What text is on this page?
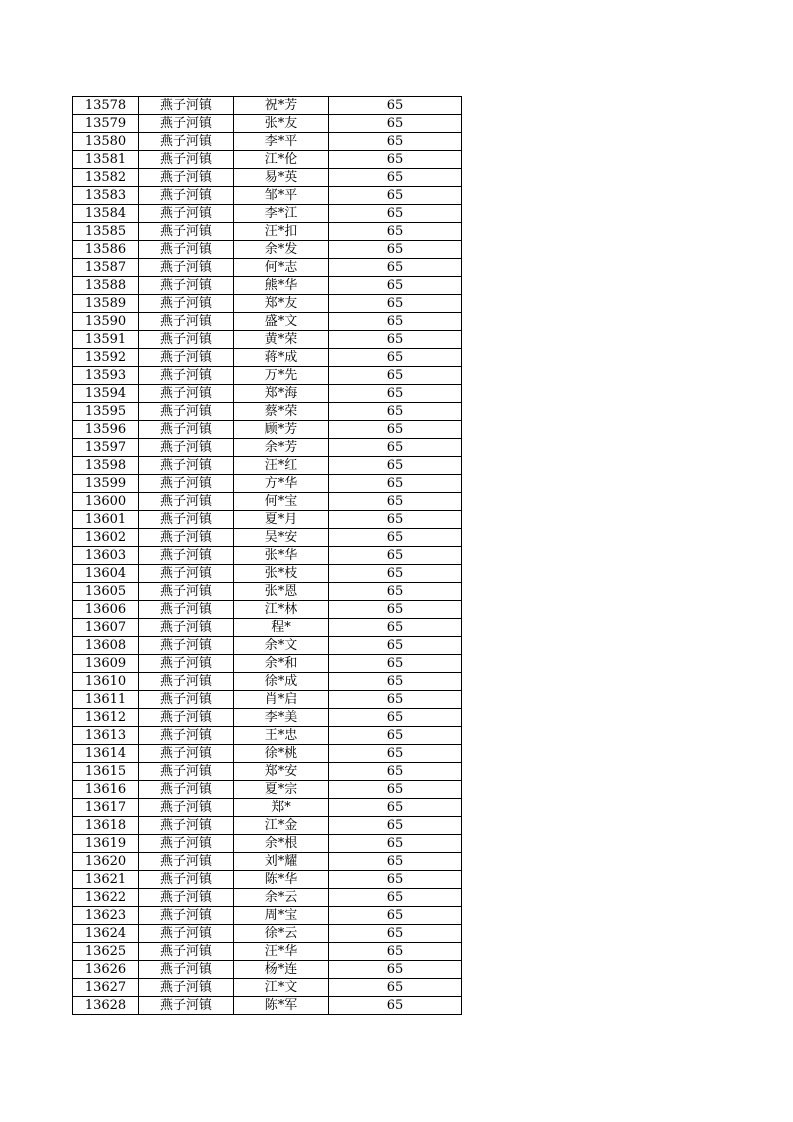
13578	燕子河镇	祝*芳	65
13579	燕子河镇	张*友	65
13580	燕子河镇	李*平	65
13581	燕子河镇	江*伦	65
13582	燕子河镇	易*英	65
13583	燕子河镇	邹*平	65
13584	燕子河镇	李*江	65
13585	燕子河镇	汪*扣	65
13586	燕子河镇	余*发	65
13587	燕子河镇	何*志	65
13588	燕子河镇	熊*华	65
13589	燕子河镇	郑*友	65
13590	燕子河镇	盛*文	65
13591	燕子河镇	黄*荣	65
13592	燕子河镇	蒋*成	65
13593	燕子河镇	万*先	65
13594	燕子河镇	郑*海	65
13595	燕子河镇	蔡*荣	65
13596	燕子河镇	顾*芳	65
13597	燕子河镇	余*芳	65
13598	燕子河镇	汪*红	65
13599	燕子河镇	方*华	65
13600	燕子河镇	何*宝	65
13601	燕子河镇	夏*月	65
13602	燕子河镇	吴*安	65
13603	燕子河镇	张*华	65
13604	燕子河镇	张*枝	65
13605	燕子河镇	张*恩	65
13606	燕子河镇	江*林	65
13607	燕子河镇	程*	65
13608	燕子河镇	余*文	65
13609	燕子河镇	余*和	65
13610	燕子河镇	徐*成	65
13611	燕子河镇	肖*启	65
13612	燕子河镇	李*美	65
13613	燕子河镇	王*忠	65
13614	燕子河镇	徐*桃	65
13615	燕子河镇	郑*安	65
13616	燕子河镇	夏*宗	65
13617	燕子河镇	郑*	65
13618	燕子河镇	江*金	65
13619	燕子河镇	余*根	65
13620	燕子河镇	刘*耀	65
13621	燕子河镇	陈*华	65
13622	燕子河镇	余*云	65
13623	燕子河镇	周*宝	65
13624	燕子河镇	徐*云	65
13625	燕子河镇	汪*华	65
13626	燕子河镇	杨*连	65
13627	燕子河镇	江*文	65
13628	燕子河镇	陈*军	65
